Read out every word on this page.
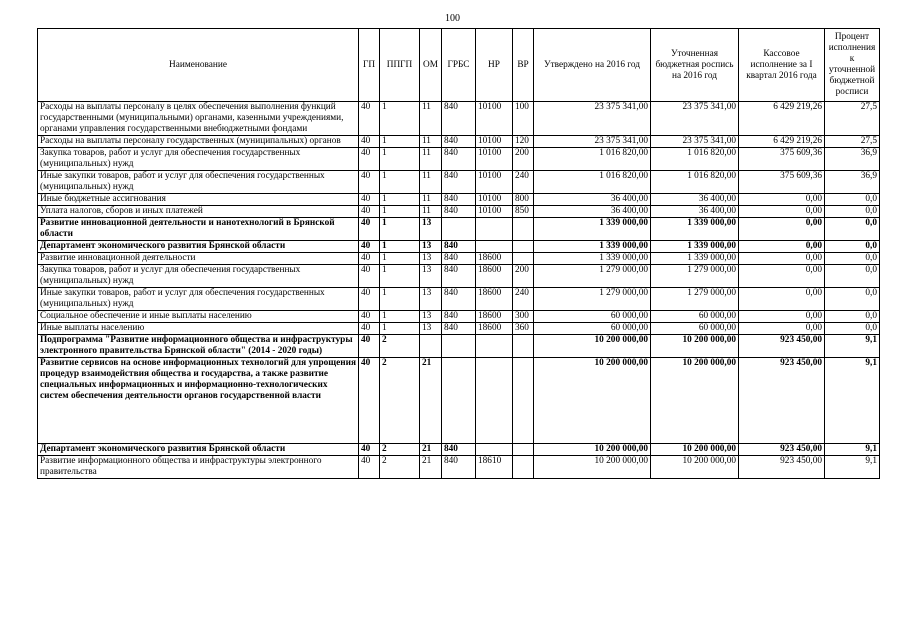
100
Наименование	ГП	ППГП	ОМ	ГРБС	НР	ВР	Утверждено на 2016 год	Уточненная бюджетная роспись на 2016 год	Кассовое исполнение за I квартал 2016 года	Процент исполнения к уточненной бюджетной росписи
Расходы на выплаты персоналу в целях обеспечения выполнения функций государственными (муниципальными) органами, казенными учреждениями, органами управления государственными внебюджетными фондами	40	1	11	840	10100	100	23 375 341,00	23 375 341,00	6 429 219,26	27,5
Расходы на выплаты персоналу государственных (муниципальных) органов	40	1	11	840	10100	120	23 375 341,00	23 375 341,00	6 429 219,26	27,5
Закупка товаров, работ и услуг для обеспечения государственных (муниципальных) нужд	40	1	11	840	10100	200	1 016 820,00	1 016 820,00	375 609,36	36,9
Иные закупки товаров, работ и услуг для обеспечения государственных (муниципальных) нужд	40	1	11	840	10100	240	1 016 820,00	1 016 820,00	375 609,36	36,9
Иные бюджетные ассигнования	40	1	11	840	10100	800	36 400,00	36 400,00	0,00	0,0
Уплата налогов, сборов и иных платежей	40	1	11	840	10100	850	36 400,00	36 400,00	0,00	0,0
Развитие инновационной деятельности и нанотехнологий в Брянской области	40	1	13				1 339 000,00	1 339 000,00	0,00	0,0
Департамент экономического развития Брянской области	40	1	13	840			1 339 000,00	1 339 000,00	0,00	0,0
Развитие инновационной деятельности	40	1	13	840	18600		1 339 000,00	1 339 000,00	0,00	0,0
Закупка товаров, работ и услуг для обеспечения государственных (муниципальных) нужд	40	1	13	840	18600	200	1 279 000,00	1 279 000,00	0,00	0,0
Иные закупки товаров, работ и услуг для обеспечения государственных (муниципальных) нужд	40	1	13	840	18600	240	1 279 000,00	1 279 000,00	0,00	0,0
Социальное обеспечение и иные выплаты населению	40	1	13	840	18600	300	60 000,00	60 000,00	0,00	0,0
Иные выплаты населению	40	1	13	840	18600	360	60 000,00	60 000,00	0,00	0,0
Подпрограмма "Развитие информационного общества и инфраструктуры электронного правительства Брянской области" (2014 - 2020 годы)	40	2					10 200 000,00	10 200 000,00	923 450,00	9,1
Развитие сервисов на основе информационных технологий для упрощения процедур взаимодействия общества и государства, а также развитие специальных информационных и информационно-технологических систем обеспечения деятельности органов государственной власти	40	2	21				10 200 000,00	10 200 000,00	923 450,00	9,1
Департамент экономического развития Брянской области	40	2	21	840			10 200 000,00	10 200 000,00	923 450,00	9,1
Развитие информационного общества и инфраструктуры электронного правительства	40	2	21	840	18610		10 200 000,00	10 200 000,00	923 450,00	9,1
